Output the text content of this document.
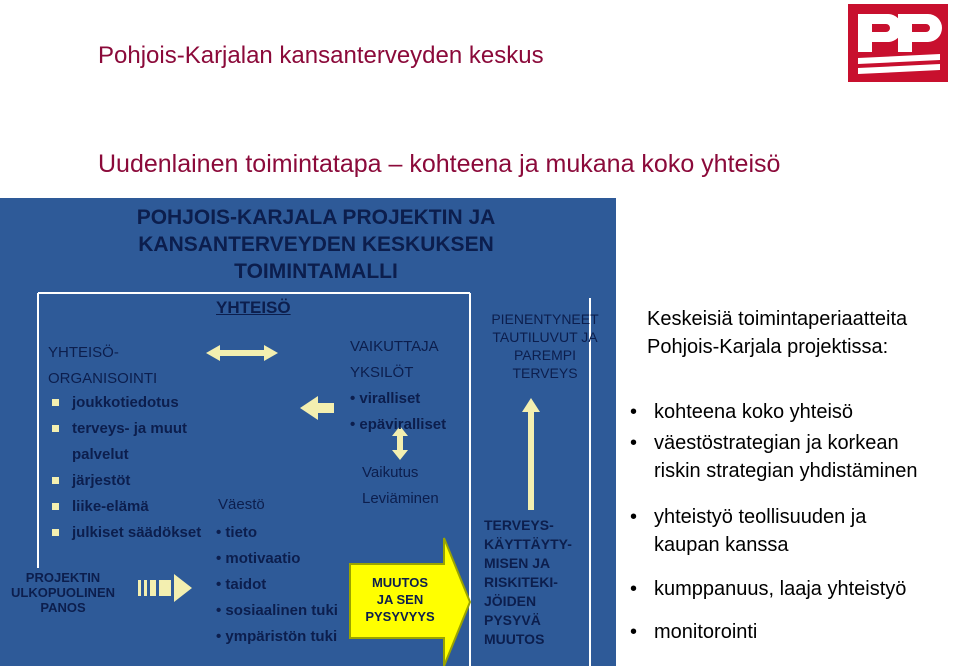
Pohjois-Karjalan kansanterveyden keskus
Uudenlainen toimintatapa – kohteena ja mukana koko yhteisö
POHJOIS-KARJALA PROJEKTIN JA
KANSANTERVEYDEN KESKUKSEN
TOIMINTAMALLI
YHTEISÖ
YHTEISÖ-
ORGANISOINTI
joukkotiedotus
terveys- ja muut
palvelut
järjestöt
liike-elämä
julkiset säädökset
PROJEKTIN
ULKOPUOLINEN
PANOS
Väestö
• tieto
• motivaatio
• taidot
• sosiaalinen tuki
• ympäristön tuki
VAIKUTTAJA
YKSILÖT
• viralliset
• epäviralliset
Vaikutus
Leviäminen
MUUTOS
JA SEN
PYSYVYYS
PIENENTYNEET
TAUTILUVUT JA
PAREMPI
TERVEYS
TERVEYS-
KÄYTTÄYTY-
MISEN JA
RISKITEKI-
JÖIDEN
PYSYVÄ
MUUTOS
Keskeisiä toimintaperiaatteita
Pohjois-Karjala projektissa:
• kohteena koko yhteisö
• väestöstrategian ja korkean
riskin strategian yhdistäminen
• yhteistyö teollisuuden ja
kaupan kanssa
• kumppanuus, laaja yhteistyö
• monitorointi
